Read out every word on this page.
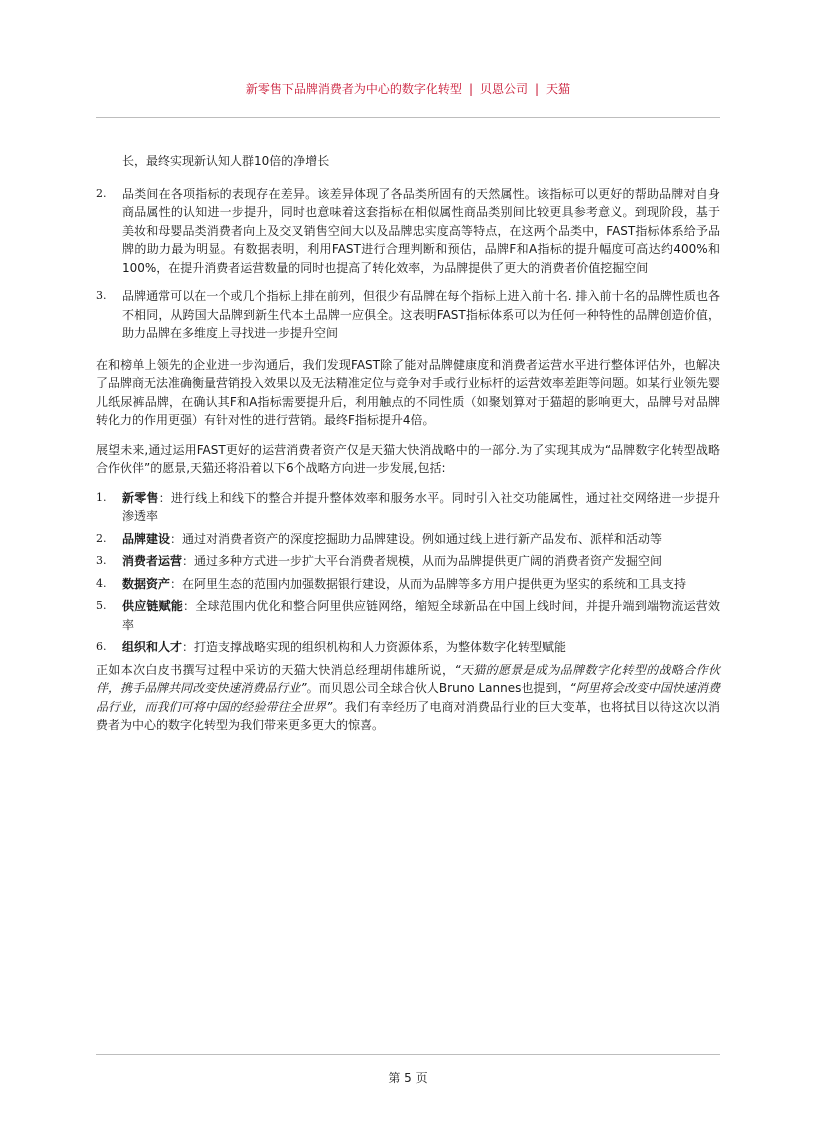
新零售下品牌消费者为中心的数字化转型 | 贝恩公司 | 天猫
长，最终实现新认知人群10倍的净增长
2. 品类间在各项指标的表现存在差异。该差异体现了各品类所固有的天然属性。该指标可以更好的帮助品牌对自身商品属性的认知进一步提升，同时也意味着这套指标在相似属性商品类别间比较更具参考意义。到现阶段，基于美妆和母婴品类消费者向上及交叉销售空间大以及品牌忠实度高等特点，在这两个品类中，FAST指标体系给予品牌的助力最为明显。有数据表明，利用FAST进行合理判断和预估，品牌F和A指标的提升幅度可高达约400%和100%，在提升消费者运营数量的同时也提高了转化效率，为品牌提供了更大的消费者价值挖掘空间
3. 品牌通常可以在一个或几个指标上排在前列，但很少有品牌在每个指标上进入前十名. 排入前十名的品牌性质也各不相同，从跨国大品牌到新生代本土品牌一应俱全。这表明FAST指标体系可以为任何一种特性的品牌创造价值，助力品牌在多维度上寻找进一步提升空间

在和榜单上领先的企业进一步沟通后，我们发现FAST除了能对品牌健康度和消费者运营水平进行整体评估外，也解决了品牌商无法准确衡量营销投入效果以及无法精准定位与竞争对手或行业标杆的运营效率差距等问题。如某行业领先婴儿纸尿裤品牌，在确认其F和A指标需要提升后，利用触点的不同性质（如聚划算对于猫超的影响更大，品牌号对品牌转化力的作用更强）有针对性的进行营销。最终F指标提升4倍。

展望未来,通过运用FAST更好的运营消费者资产仅是天猫大快消战略中的一部分.为了实现其成为“品牌数字化转型战略合作伙伴”的愿景,天猫还将沿着以下6个战略方向进一步发展,包括:

1. 新零售：进行线上和线下的整合并提升整体效率和服务水平。同时引入社交功能属性，通过社交网络进一步提升渗透率
2. 品牌建设：通过对消费者资产的深度挖掘助力品牌建设。例如通过线上进行新产品发布、派样和活动等
3. 消费者运营：通过多种方式进一步扩大平台消费者规模，从而为品牌提供更广阔的消费者资产发掘空间
4. 数据资产：在阿里生态的范围内加强数据银行建设，从而为品牌等多方用户提供更为坚实的系统和工具支持
5. 供应链赋能：全球范围内优化和整合阿里供应链网络，缩短全球新品在中国上线时间，并提升端到端物流运营效率
6. 组织和人才：打造支撑战略实现的组织机构和人力资源体系，为整体数字化转型赋能

正如本次白皮书撰写过程中采访的天猫大快消总经理胡伟雄所说，“天猫的愿景是成为品牌数字化转型的战略合作伙伴，携手品牌共同改变快速消费品行业”。而贝恩公司全球合伙人Bruno Lannes也提到，“阿里将会改变中国快速消费品行业，而我们可将中国的经验带往全世界”。我们有幸经历了电商对消费品行业的巨大变革，也将拭目以待这次以消费者为中心的数字化转型为我们带来更多更大的惊喜。

第 5 页
